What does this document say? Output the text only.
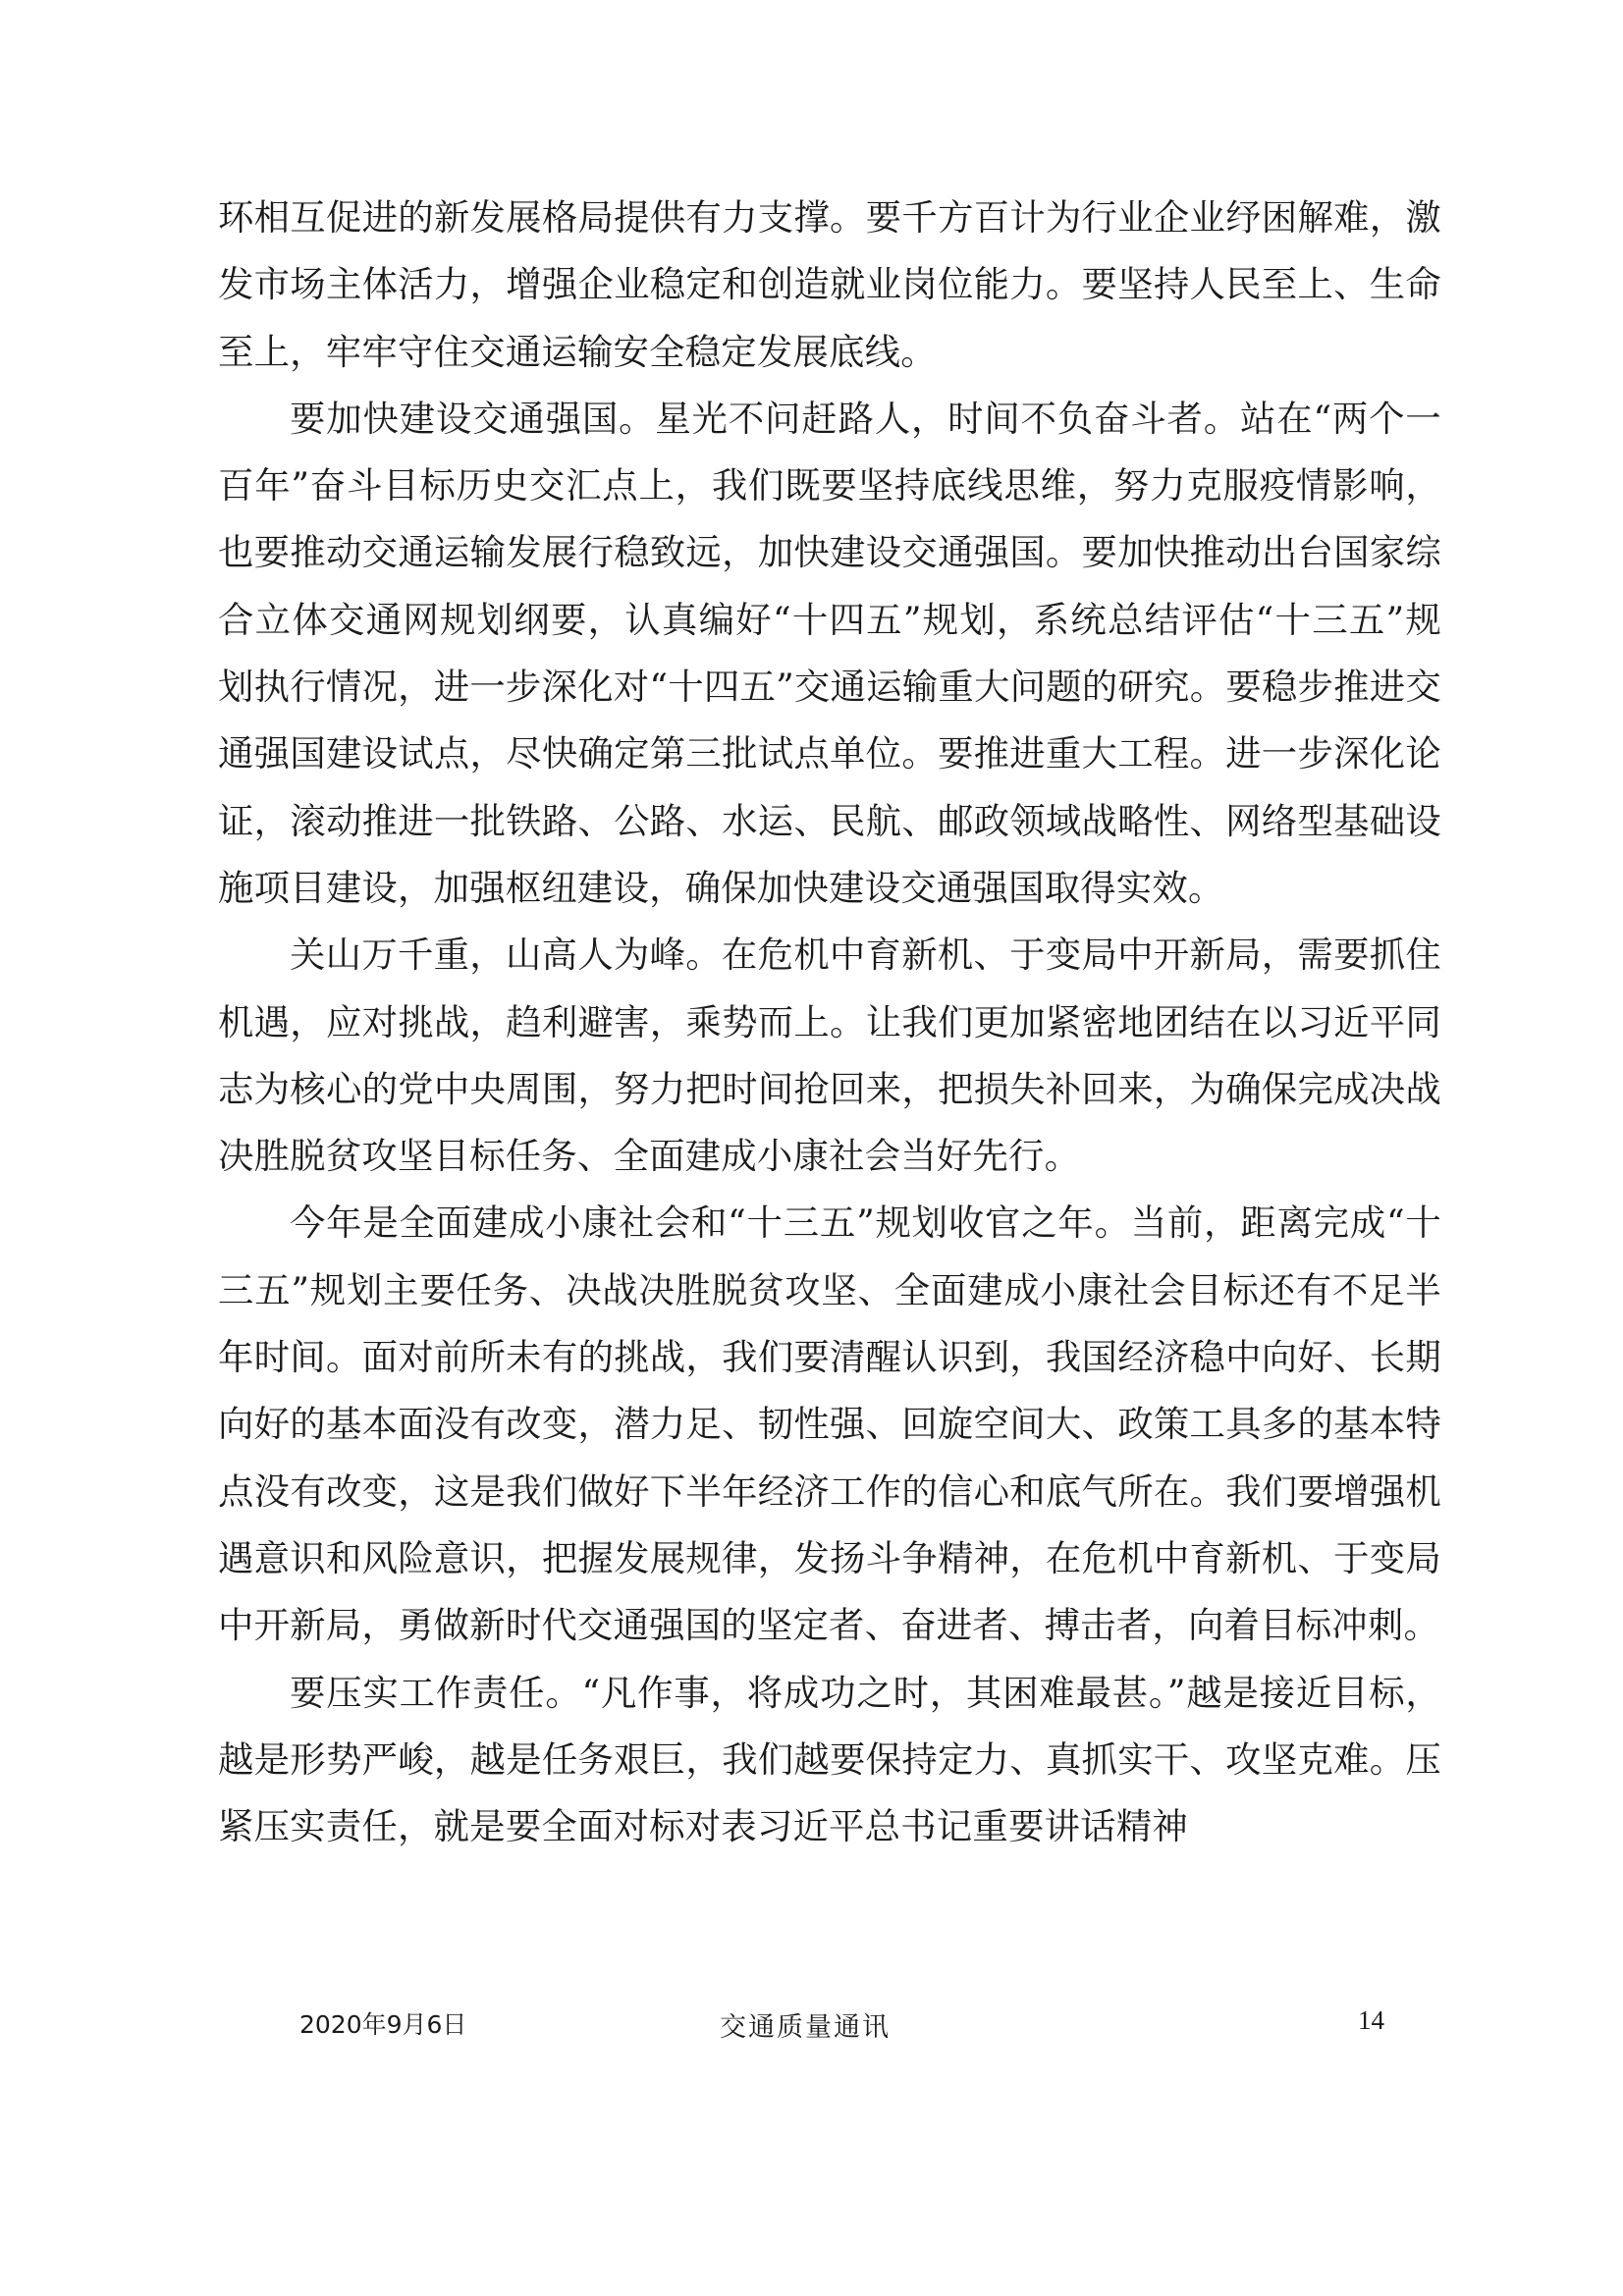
环相互促进的新发展格局提供有力支撑。要千方百计为行业企业纾困解难，激发市场主体活力，增强企业稳定和创造就业岗位能力。要坚持人民至上、生命至上，牢牢守住交通运输安全稳定发展底线。

要加快建设交通强国。星光不问赶路人，时间不负奋斗者。站在“两个一百年”奋斗目标历史交汇点上，我们既要坚持底线思维，努力克服疫情影响，也要推动交通运输发展行稳致远，加快建设交通强国。要加快推动出台国家综合立体交通网规划纲要，认真编好“十四五”规划，系统总结评估“十三五”规划执行情况，进一步深化对“十四五”交通运输重大问题的研究。要稳步推进交通强国建设试点，尽快确定第三批试点单位。要推进重大工程。进一步深化论证，滚动推进一批铁路、公路、水运、民航、邮政领域战略性、网络型基础设施项目建设，加强枢纽建设，确保加快建设交通强国取得实效。

关山万千重，山高人为峰。在危机中育新机、于变局中开新局，需要抓住机遇，应对挑战，趋利避害，乘势而上。让我们更加紧密地团结在以习近平同志为核心的党中央周围，努力把时间抢回来，把损失补回来，为确保完成决战决胜脱贫攻坚目标任务、全面建成小康社会当好先行。

今年是全面建成小康社会和“十三五”规划收官之年。当前，距离完成“十三五”规划主要任务、决战决胜脱贫攻坚、全面建成小康社会目标还有不足半年时间。面对前所未有的挑战，我们要清醒认识到，我国经济稳中向好、长期向好的基本面没有改变，潜力足、韧性强、回旋空间大、政策工具多的基本特点没有改变，这是我们做好下半年经济工作的信心和底气所在。我们要增强机遇意识和风险意识，把握发展规律，发扬斗争精神，在危机中育新机、于变局中开新局，勇做新时代交通强国的坚定者、奋进者、搏击者，向着目标冲刺。

要压实工作责任。“凡作事，将成功之时，其困难最甚。”越是接近目标，越是形势严峻，越是任务艰巨，我们越要保持定力、真抓实干、攻坚克难。压紧压实责任，就是要全面对标对表习近平总书记重要讲话精神

2020年9月6日	交通质量通讯	14
